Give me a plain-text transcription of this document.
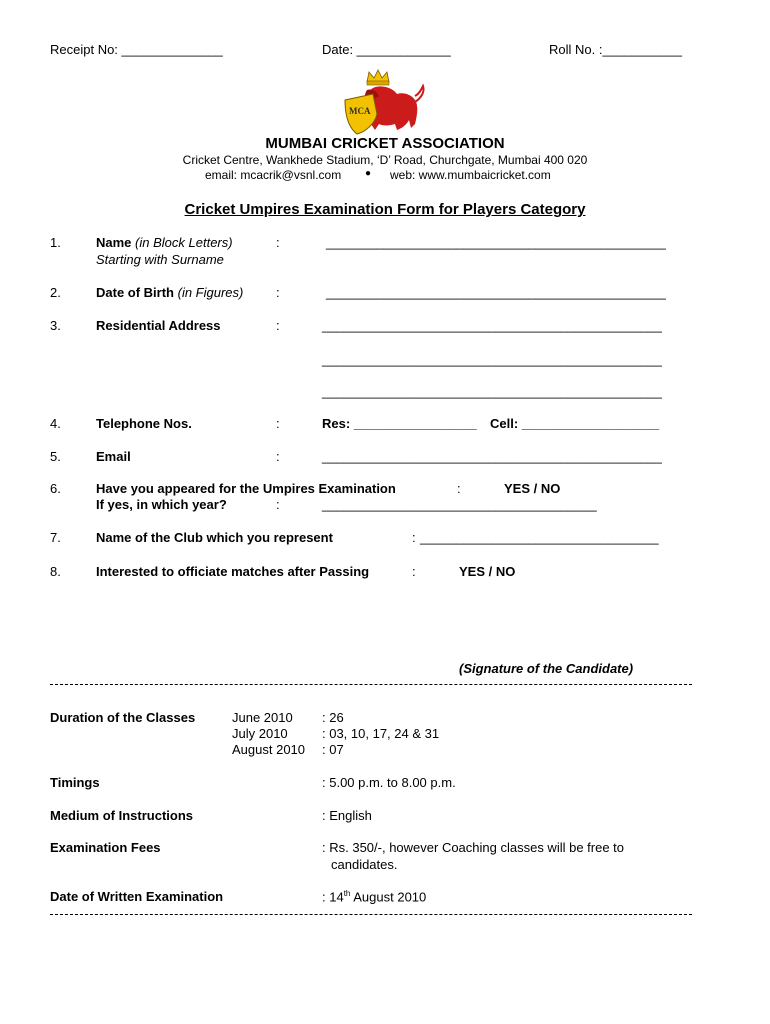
Receipt No: ______________	Date: _____________	Roll No. :___________
MCA
MUMBAI CRICKET ASSOCIATION
Cricket Centre, Wankhede Stadium, ‘D’ Road, Churchgate, Mumbai 400 020
email: mcacrik@vsnl.com ● web: www.mumbaicricket.com
Cricket Umpires Examination Form for Players Category
1.	Name (in Block Letters)
Starting with Surname
:	_______________________________________________
2.	Date of Birth (in Figures)	:	_______________________________________________
3.	Residential Address	:	_______________________________________________
_______________________________________________
_______________________________________________
4.	Telephone Nos.	:	Res: _________________ Cell: ___________________
5.	Email	:	_______________________________________________
6.	Have you appeared for the Umpires Examination	:	YES / NO
If yes, in which year?	:	______________________________________
7.	Name of the Club which you represent	: _________________________________
8.	Interested to officiate matches after Passing	:	YES / NO
(Signature of the Candidate)
Duration of the Classes	June 2010 : 26
July 2010	: 03, 10, 17, 24 & 31
August 2010 : 07
Timings	: 5.00 p.m. to 8.00 p.m.
Medium of Instructions	: English
Examination Fees	: Rs. 350/-, however Coaching classes will be free to
candidates.
Date of Written Examination	: 14th August 2010
